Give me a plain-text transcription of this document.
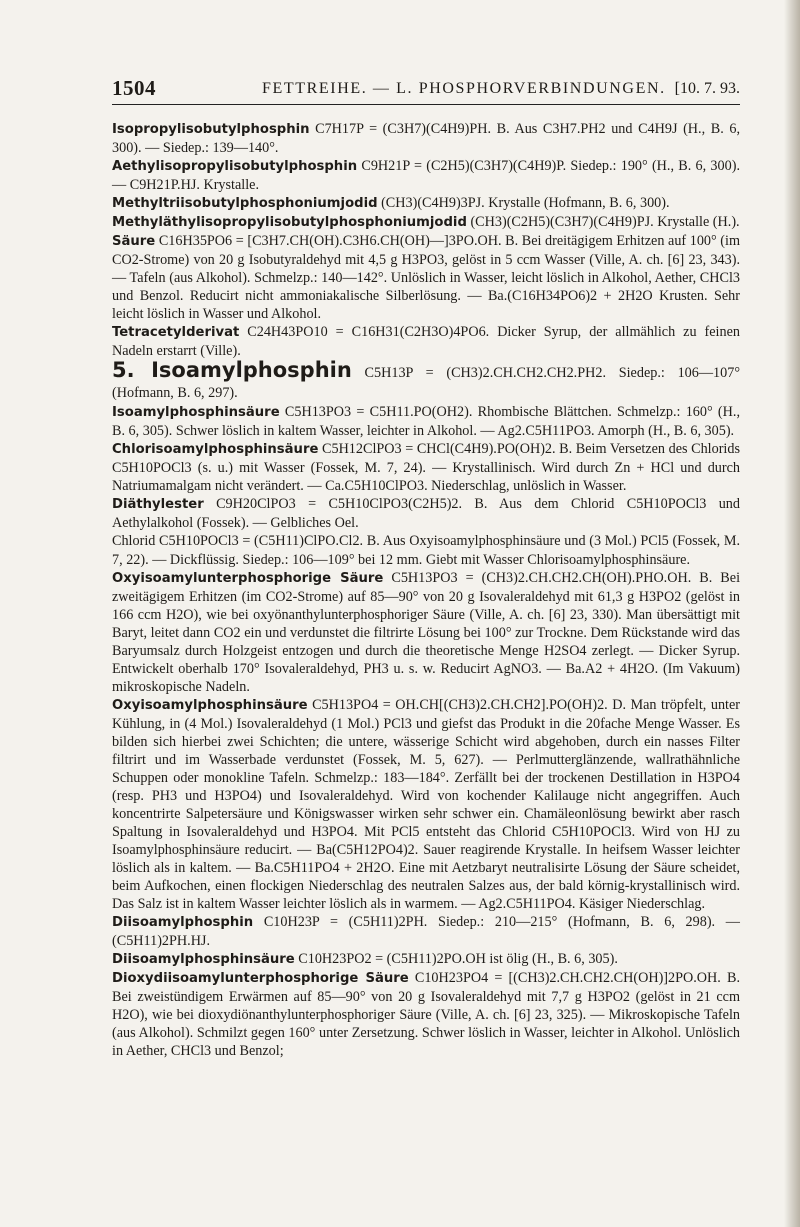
1504	FETTREIHE. — L. PHOSPHORVERBINDUNGEN. [10. 7. 93.

Isopropylisobutylphosphin C7H17P = (C3H7)(C4H9)PH. B. Aus C3H7.PH2 und C4H9J (H., B. 6, 300). — Siedep.: 139—140°.

Aethylisopropylisobutylphosphin C9H21P = (C2H5)(C3H7)(C4H9)P. Siedep.: 190° (H., B. 6, 300). — C9H21P.HJ. Krystalle.

Methyltriisobutylphosphoniumjodid (CH3)(C4H9)3PJ. Krystalle (Hofmann, B. 6, 300).

Methyläthylisopropylisobutylphosphoniumjodid (CH3)(C2H5)(C3H7)(C4H9)PJ. Krystalle (H.).

Säure C16H35PO6 = [C3H7.CH(OH).C3H6.CH(OH)—]3PO.OH. B. Bei dreitägigem Erhitzen auf 100° (im CO2-Strome) von 20 g Isobutyraldehyd mit 4,5 g H3PO3, gelöst in 5 ccm Wasser (Ville, A. ch. [6] 23, 343). — Tafeln (aus Alkohol). Schmelzp.: 140—142°. Unlöslich in Wasser, leicht löslich in Alkohol, Aether, CHCl3 und Benzol. Reducirt nicht ammoniakalische Silberlösung. — Ba.(C16H34PO6)2 + 2H2O Krusten. Sehr leicht löslich in Wasser und Alkohol.

Tetracetylderivat C24H43PO10 = C16H31(C2H3O)4PO6. Dicker Syrup, der allmählich zu feinen Nadeln erstarrt (Ville).

5. Isoamylphosphin C5H13P = (CH3)2.CH.CH2.CH2.PH2. Siedep.: 106—107° (Hofmann, B. 6, 297).

Isoamylphosphinsäure C5H13PO3 = C5H11.PO(OH2). Rhombische Blättchen. Schmelzp.: 160° (H., B. 6, 305). Schwer löslich in kaltem Wasser, leichter in Alkohol. — Ag2.C5H11PO3. Amorph (H., B. 6, 305).

Chlorisoamylphosphinsäure C5H12ClPO3 = CHCl(C4H9).PO(OH)2. B. Beim Versetzen des Chlorids C5H10POCl3 (s. u.) mit Wasser (Fossek, M. 7, 24). — Krystallinisch. Wird durch Zn + HCl und durch Natriumamalgam nicht verändert. — Ca.C5H10ClPO3. Niederschlag, unlöslich in Wasser.

Diäthylester C9H20ClPO3 = C5H10ClPO3(C2H5)2. B. Aus dem Chlorid C5H10POCl3 und Aethylalkohol (Fossek). — Gelbliches Oel.

Chlorid C5H10POCl3 = (C5H11)ClPO.Cl2. B. Aus Oxyisoamylphosphinsäure und (3 Mol.) PCl5 (Fossek, M. 7, 22). — Dickflüssig. Siedep.: 106—109° bei 12 mm. Giebt mit Wasser Chlorisoamylphosphinsäure.

Oxyisoamylunterphosphorige Säure C5H13PO3 = (CH3)2.CH.CH2.CH(OH).PHO.OH. B. Bei zweitägigem Erhitzen (im CO2-Strome) auf 85—90° von 20 g Isovaleraldehyd mit 61,3 g H3PO2 (gelöst in 166 ccm H2O), wie bei oxyönanthylunterphosphoriger Säure (Ville, A. ch. [6] 23, 330). Man übersättigt mit Baryt, leitet dann CO2 ein und verdunstet die filtrirte Lösung bei 100° zur Trockne. Dem Rückstande wird das Baryumsalz durch Holzgeist entzogen und durch die theoretische Menge H2SO4 zerlegt. — Dicker Syrup. Entwickelt oberhalb 170° Isovaleraldehyd, PH3 u. s. w. Reducirt AgNO3. — Ba.A2 + 4H2O. (Im Vakuum) mikroskopische Nadeln.

Oxyisoamylphosphinsäure C5H13PO4 = OH.CH[(CH3)2.CH.CH2].PO(OH)2. D. Man tröpfelt, unter Kühlung, in (4 Mol.) Isovaleraldehyd (1 Mol.) PCl3 und giefst das Produkt in die 20fache Menge Wasser. Es bilden sich hierbei zwei Schichten; die untere, wässerige Schicht wird abgehoben, durch ein nasses Filter filtrirt und im Wasserbade verdunstet (Fossek, M. 5, 627). — Perlmutterglänzende, wallrathähnliche Schuppen oder monokline Tafeln. Schmelzp.: 183—184°. Zerfällt bei der trockenen Destillation in H3PO4 (resp. PH3 und H3PO4) und Isovaleraldehyd. Wird von kochender Kalilauge nicht angegriffen. Auch koncentrirte Salpetersäure und Königswasser wirken sehr schwer ein. Chamäleonlösung bewirkt aber rasch Spaltung in Isovaleraldehyd und H3PO4. Mit PCl5 entsteht das Chlorid C5H10POCl3. Wird von HJ zu Isoamylphosphinsäure reducirt. — Ba(C5H12PO4)2. Sauer reagirende Krystalle. In heifsem Wasser leichter löslich als in kaltem. — Ba.C5H11PO4 + 2H2O. Eine mit Aetzbaryt neutralisirte Lösung der Säure scheidet, beim Aufkochen, einen flockigen Niederschlag des neutralen Salzes aus, der bald körnig-krystallinisch wird. Das Salz ist in kaltem Wasser leichter löslich als in warmem. — Ag2.C5H11PO4. Käsiger Niederschlag.

Diisoamylphosphin C10H23P = (C5H11)2PH. Siedep.: 210—215° (Hofmann, B. 6, 298). — (C5H11)2PH.HJ.

Diisoamylphosphinsäure C10H23PO2 = (C5H11)2PO.OH ist ölig (H., B. 6, 305).

Dioxydiisoamylunterphosphorige Säure C10H23PO4 = [(CH3)2.CH.CH2.CH(OH)]2PO.OH. B. Bei zweistündigem Erwärmen auf 85—90° von 20 g Isovaleraldehyd mit 7,7 g H3PO2 (gelöst in 21 ccm H2O), wie bei dioxydiönanthylunterphosphoriger Säure (Ville, A. ch. [6] 23, 325). — Mikroskopische Tafeln (aus Alkohol). Schmilzt gegen 160° unter Zersetzung. Schwer löslich in Wasser, leichter in Alkohol. Unlöslich in Aether, CHCl3 und Benzol;
